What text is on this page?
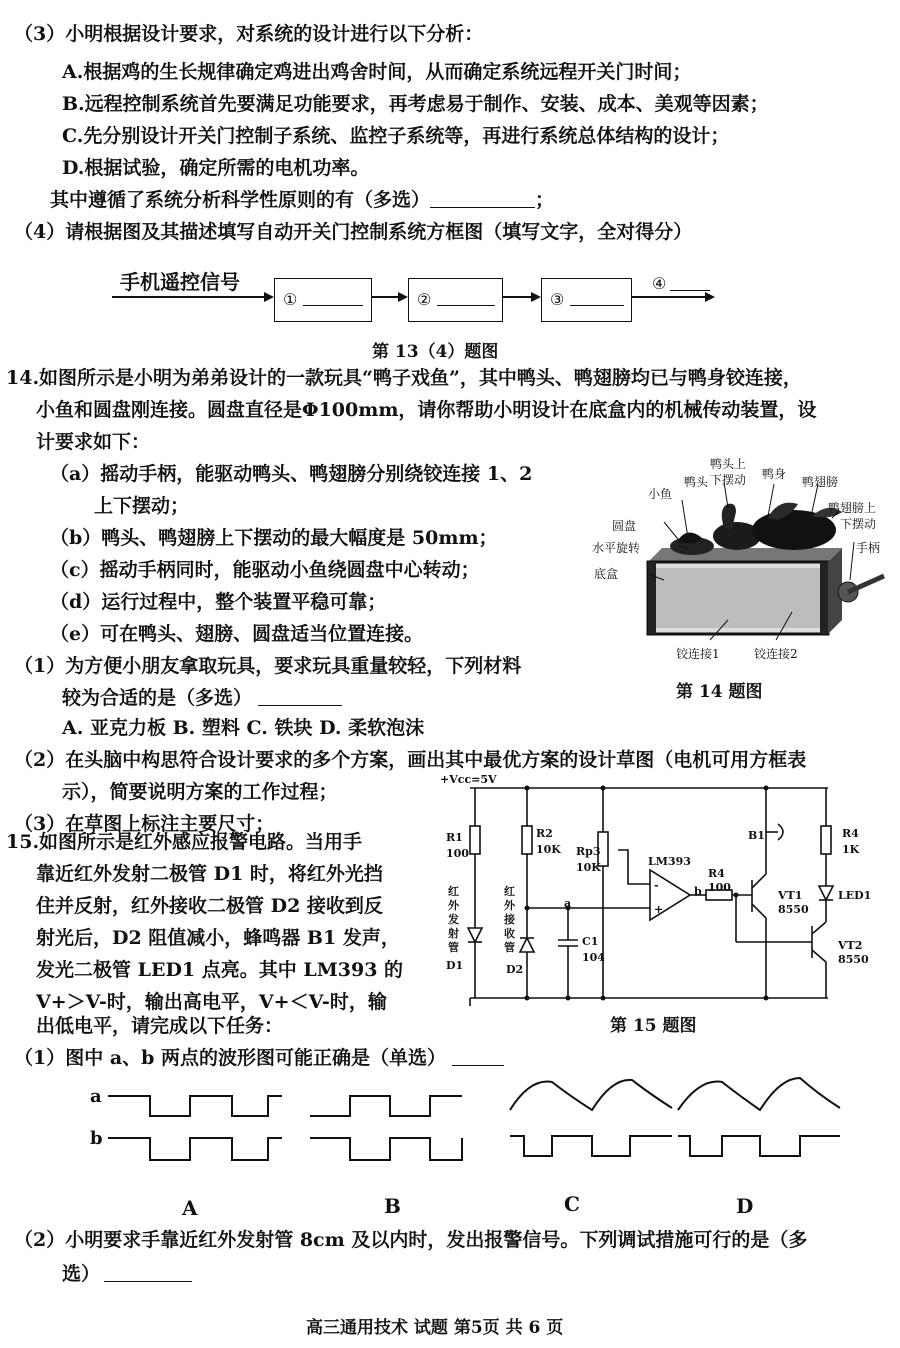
（3）小明根据设计要求，对系统的设计进行以下分析：
A.根据鸡的生长规律确定鸡进出鸡舍时间，从而确定系统远程开关门时间；
B.远程控制系统首先要满足功能要求，再考虑易于制作、安装、成本、美观等因素；
C.先分别设计开关门控制子系统、监控子系统等，再进行系统总体结构的设计；
D.根据试验，确定所需的电机功率。
其中遵循了系统分析科学性原则的有（多选）	；
（4）请根据图及其描述填写自动开关门控制系统方框图（填写文字，全对得分）
手机遥控信号
①	②	③
④
第 13（4）题图
14.如图所示是小明为弟弟设计的一款玩具“鸭子戏鱼”，其中鸭头、鸭翅膀均已与鸭身铰连接，
小鱼和圆盘刚连接。圆盘直径是Φ100mm，请你帮助小明设计在底盒内的机械传动装置，设
计要求如下：
（a）摇动手柄，能驱动鸭头、鸭翅膀分别绕铰连接 1、2
上下摆动；
（b）鸭头、鸭翅膀上下摆动的最大幅度是 50mm；
（c）摇动手柄同时，能驱动小鱼绕圆盘中心转动；
（d）运行过程中，整个装置平稳可靠；
（e）可在鸭头、翅膀、圆盘适当位置连接。
（1）为方便小朋友拿取玩具，要求玩具重量较轻，下列材料
较为合适的是（多选）
A. 亚克力板 B. 塑料 C. 铁块 D. 柔软泡沫
（2）在头脑中构思符合设计要求的多个方案，画出其中最优方案的设计草图（电机可用方框表
示），简要说明方案的工作过程；
（3）在草图上标注主要尺寸；
鸭头上
下摆动
鸭头
鸭身
鸭翅膀
小鱼
鸭翅膀上
下摆动
圆盘
水平旋转	手柄
底盒
铰连接1	铰连接2
第 14 题图
15.如图所示是红外感应报警电路。当用手
靠近红外发射二极管 D1 时，将红外光挡
住并反射，红外接收二极管 D2 接收到反
射光后，D2 阻值减小，蜂鸣器 B1 发声，
发光二极管 LED1 点亮。其中 LM393 的
V+＞V-时，输出高电平，V+＜V-时，输
出低电平，请完成以下任务：
+Vcc=5V
R1
100
R2
10K Rp3
10K	LM393
-
+
R4
100
b
a
B1	R4
1K
VT1
8550
LED1
VT2
8550
C1
104
红
外
发
射
管
D1
红
外
接
收
管
D2
第 15 题图
（1）图中 a、b 两点的波形图可能正确是（单选）
a
b
A	B	C	D
（2）小明要求手靠近红外发射管 8cm 及以内时，发出报警信号。下列调试措施可行的是（多
选）
高三通用技术 试题 第5页 共 6 页
